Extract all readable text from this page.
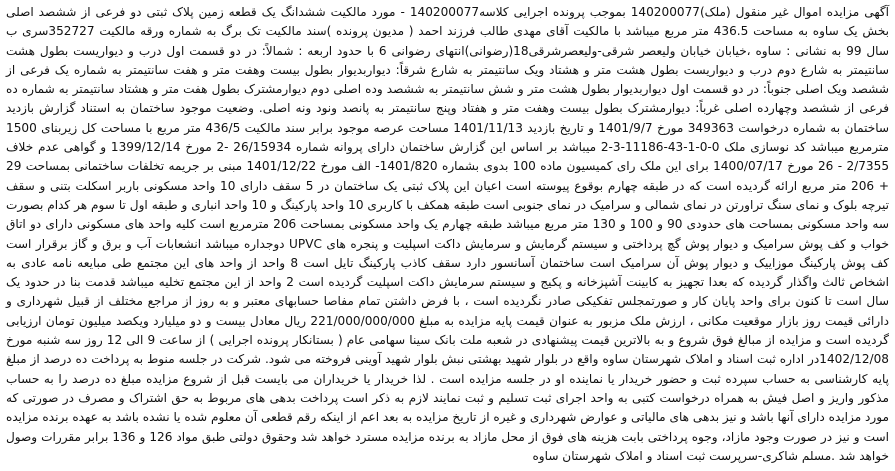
آگهی مزایده اموال غیر منقول (ملک)140200077 بموجب پرونده اجرایی کلاسه140200077 - مورد مالکیت ششدانگ یک قطعه زمین پلاک ثبتی دو فرعی از ششصد اصلی بخش یک ساوه به مساحت 436.5 متر مربع میباشد با مالکیت آقای مهدی طالب فرزند احمد ( مدیون پرونده )سند مالکیت تک برگ به شماره ورقه مالکیت 352727سری ب سال 99 به نشانی : ساوه ،خیابان خیابان ولیعصر شرقی-ولیعصرشرقی18(رضوانی)انتهای رضوانی 6 با حدود اربعه : شمالاً: در دو قسمت اول درب و دیواریست بطول هشت سانتیمتر به شارع دوم درب و دیواریست بطول هشت متر و هشتاد ویک سانتیمتر به شارع شرقاً: دیواربدیوار بطول بیست وهفت متر و هفت سانتیمتر به شماره یک فرعی از ششصد ویک اصلی جنوباً: در دو قسمت اول دیواربدیوار بطول هشت متر و شش سانتیمتر به ششصد وده اصلی دوم دیوارمشترک بطول هفت متر و هشتاد سانتیمتر به شماره ده فرعی از ششصد وچهارده اصلی غرباً: دیوارمشترک بطول بیست وهفت متر و هفتاد وپنج سانتیمتر به پانصد ونود ونه اصلی. وضعیت موجود ساختمان به استناد گزارش بازدید ساختمان به شماره درخواست 349363 مورخ 1401/9/7 و تاریخ بازدید 1401/11/13 مساحت عرصه موجود برابر سند مالکیت 436/5 متر مربع با مساحت کل زیربنای 1500 مترمربع میباشد کد نوسازی ملک 0-0-1-43-11186-3-2 میباشد بر اساس این گزارش ساختمان دارای پروانه شماره 26/15934 -2 مورخ 1399/12/14 و گواهی عدم خلاف 2/7355 - 26 مورخ 1400/07/17 برای این ملک رای کمیسیون ماده 100 بدوی بشماره 1401/820- الف مورخ 1401/12/22 مبنی بر جریمه تخلفات ساختمانی بمساحت 29 + 206 متر مربع ارائه گردیده است که در طبقه چهارم بوقوع پیوسته است اعیان این پلاک ثبتی یک ساختمان در 5 سقف دارای 10 واحد مسکونی باربر اسکلت بتنی و سقف تیرچه بلوک و نمای سنگ تراورتن در نمای شمالی و سرامیک در نمای جنوبی است طبقه همکف با کاربری 10 واحد پارکینگ و 10 واحد انباری و طبقه اول تا سوم هر کدام بصورت سه واحد مسکونی بمساحت های حدودی 90 و 100 و 130 متر مربع میباشد طبقه چهارم یک واحد مسکونی بمساحت 206 مترمربع است کلیه واحد های مسکونی دارای دو اتاق خواب و کف پوش سرامیک و دیوار پوش گچ پرداختی و سیستم گرمایش و سرمایش داکت اسپلیت و پنجره های UPVC دوجداره میباشد انشعابات آب و برق و گاز برقرار است کف پوش پارکینگ موزاییک و دیوار پوش آن سرامیک است ساختمان آسانسور دارد سقف کاذب پارکینگ تایل است 8 واحد از واحد های این مجتمع طی مبایعه نامه عادی به اشخاص ثالث واگذار گردیده که بعدا تجهیز به کابینت آشپزخانه و پکیج و سیستم سرمایش داکت اسپلیت گردیده است 2 واحد از این مجتمع تخلیه میباشد قدمت بنا در حدود یک سال است تا کنون برای واحد پایان کار و صورتمجلس تفکیکی صادر نگردیده است ، با فرض داشتن تمام مفاصا حسابهای معتبر و به روز از مراجع مختلف از قبیل شهرداری و دارائی قیمت روز بازار موقعیت مکانی ، ارزش ملک مزبور به عنوان قیمت پایه مزایده به مبلغ 221/000/000/000 ریال معادل بیست و دو میلیارد ویکصد میلیون تومان ارزیابی گردیده است و مزایده از مبالغ فوق شروع و به بالاترین قیمت پیشنهادی در شعبه ملت بانک سینا سهامی عام ( بستانکار پرونده اجرایی ) از ساعت 9 الی 12 روز سه شنبه مورخ 1402/12/08در اداره ثبت اسناد و املاک شهرستان ساوه واقع در بلوار شهید بهشتی نبش بلوار شهید آوینی فروخته می شود. شرکت در جلسه منوط به پرداخت ده درصد از مبلغ پایه کارشناسی به حساب سپرده ثبت و حضور خریدار یا نماینده او در جلسه مزایده است . لذا خریدار یا خریداران می بایست قبل از شروع مزایده مبلغ ده درصد را به حساب مذکور واریز و اصل فیش به همراه درخواست کتبی به واحد اجرای ثبت تسلیم و ثبت نمایند لازم به ذکر است پرداخت بدهی های مربوط به حق اشتراک و مصرف در صورتی که مورد مزایده دارای آنها باشد و نیز بدهی های مالیاتی و عوارض شهرداری و غیره از تاریخ مزایده به بعد اعم از اینکه رقم قطعی آن معلوم شده یا نشده باشد به عهده برنده مزایده است و نیز در صورت وجود مازاد، وجوه پرداختی بابت هزینه های فوق از محل مازاد به برنده مزایده مسترد خواهد شد وحقوق دولتی طبق مواد 126 و 136 برابر مقررات وصول خواهد شد .مسلم شاکری-سرپرست ثبت اسناد و املاک شهرستان ساوه
